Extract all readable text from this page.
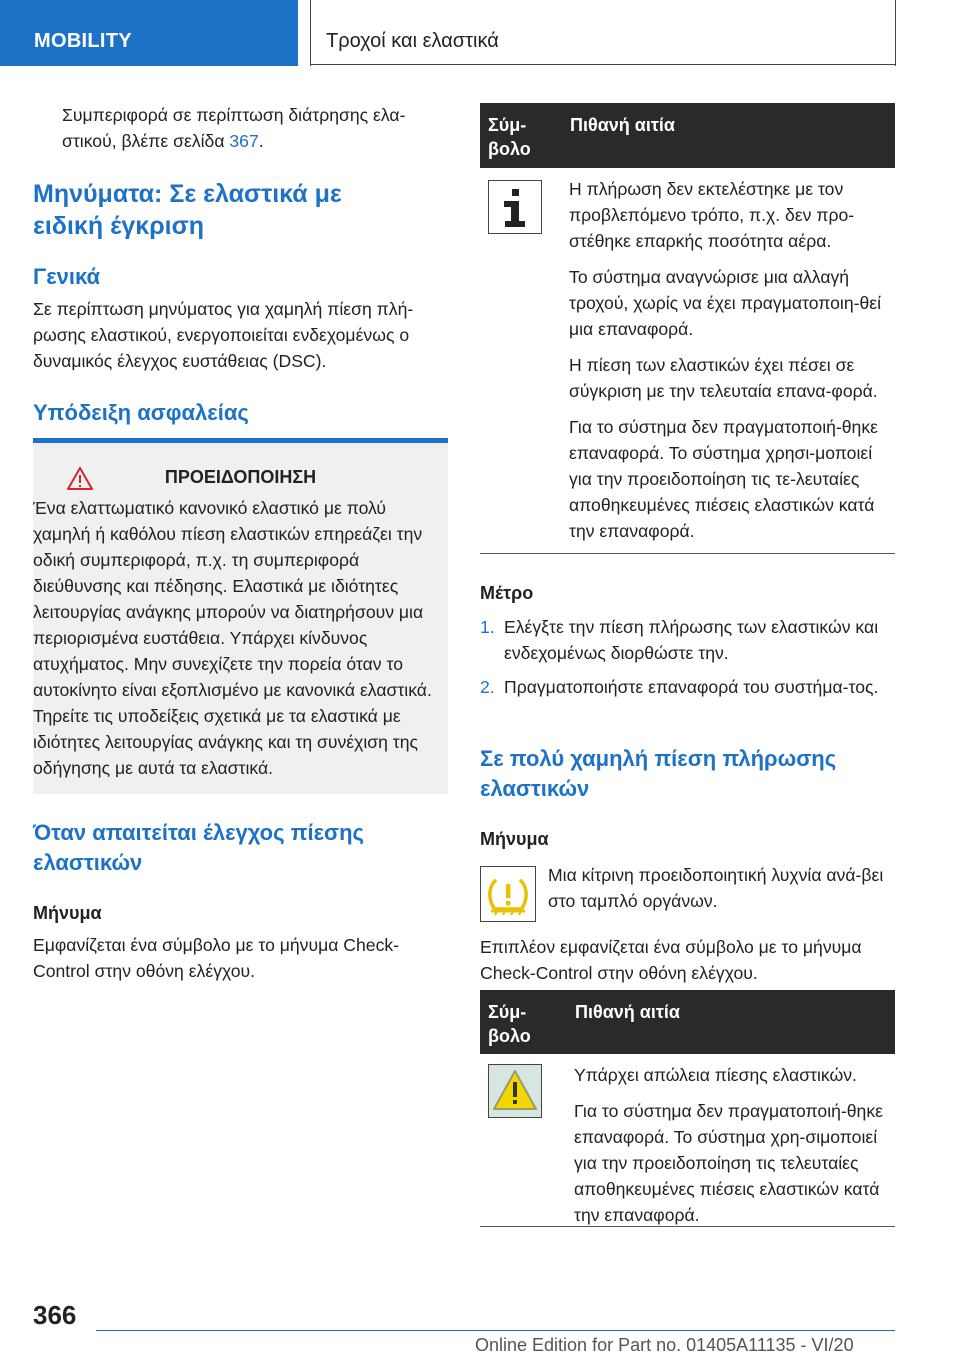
MOBILITY	Τροχοί και ελαστικά

Συμπεριφορά σε περίπτωση διάτρησης ελα-στικού, βλέπε σελίδα 367.

Μηνύματα: Σε ελαστικά με ειδική έγκριση
Γενικά

Σε περίπτωση μηνύματος για χαμηλή πίεση πλή-ρωσης ελαστικού, ενεργοποιείται ενδεχομένως ο δυναμικός έλεγχος ευστάθειας (DSC).

Υπόδειξη ασφαλείας
ΠΡΟΕΙΔΟΠΟΙΗΣΗ

Ένα ελαττωματικό κανονικό ελαστικό με πολύ χαμηλή ή καθόλου πίεση ελαστικών επηρεάζει την οδική συμπεριφορά, π.χ. τη συμπεριφορά διεύθυνσης και πέδησης. Ελαστικά με ιδιότητες λειτουργίας ανάγκης μπορούν να διατηρήσουν μια περιορισμένα ευστάθεια. Υπάρχει κίνδυνος ατυχήματος. Μην συνεχίζετε την πορεία όταν το αυτοκίνητο είναι εξοπλισμένο με κανονικά ελαστικά. Τηρείτε τις υποδείξεις σχετικά με τα ελαστικά με ιδιότητες λειτουργίας ανάγκης και τη συνέχιση της οδήγησης με αυτά τα ελαστικά.

Όταν απαιτείται έλεγχος πίεσης ελαστικών
Μήνυμα

Εμφανίζεται ένα σύμβολο με το μήνυμα Check-Control στην οθόνη ελέγχου.

Σύμ-βολο
Πιθανή αιτία

Η πλήρωση δεν εκτελέστηκε με τον προβλεπόμενο τρόπο, π.χ. δεν προ-στέθηκε επαρκής ποσότητα αέρα.

Το σύστημα αναγνώρισε μια αλλαγή τροχού, χωρίς να έχει πραγματοποιη-θεί μια επαναφορά.

Η πίεση των ελαστικών έχει πέσει σε σύγκριση με την τελευταία επανα-φορά.

Για το σύστημα δεν πραγματοποιή-θηκε επαναφορά. Το σύστημα χρησι-μοποιεί για την προειδοποίηση τις τε-λευταίες αποθηκευμένες πιέσεις ελαστικών κατά την επαναφορά.

Μέτρο
1. Ελέγξτε την πίεση πλήρωσης των ελαστικών και ενδεχομένως διορθώστε την.
2. Πραγματοποιήστε επαναφορά του συστήμα-τος.
Σε πολύ χαμηλή πίεση πλήρωσης ελαστικών
Μήνυμα

Μια κίτρινη προειδοποιητική λυχνία ανά-βει στο ταμπλό οργάνων.

Επιπλέον εμφανίζεται ένα σύμβολο με το μήνυμα Check-Control στην οθόνη ελέγχου.

Σύμ-βολο
Πιθανή αιτία

Υπάρχει απώλεια πίεσης ελαστικών.

Για το σύστημα δεν πραγματοποιή-θηκε επαναφορά. Το σύστημα χρη-σιμοποιεί για την προειδοποίηση τις τελευταίες αποθηκευμένες πιέσεις ελαστικών κατά την επαναφορά.

366
Online Edition for Part no. 01405A11135 - VI/20
